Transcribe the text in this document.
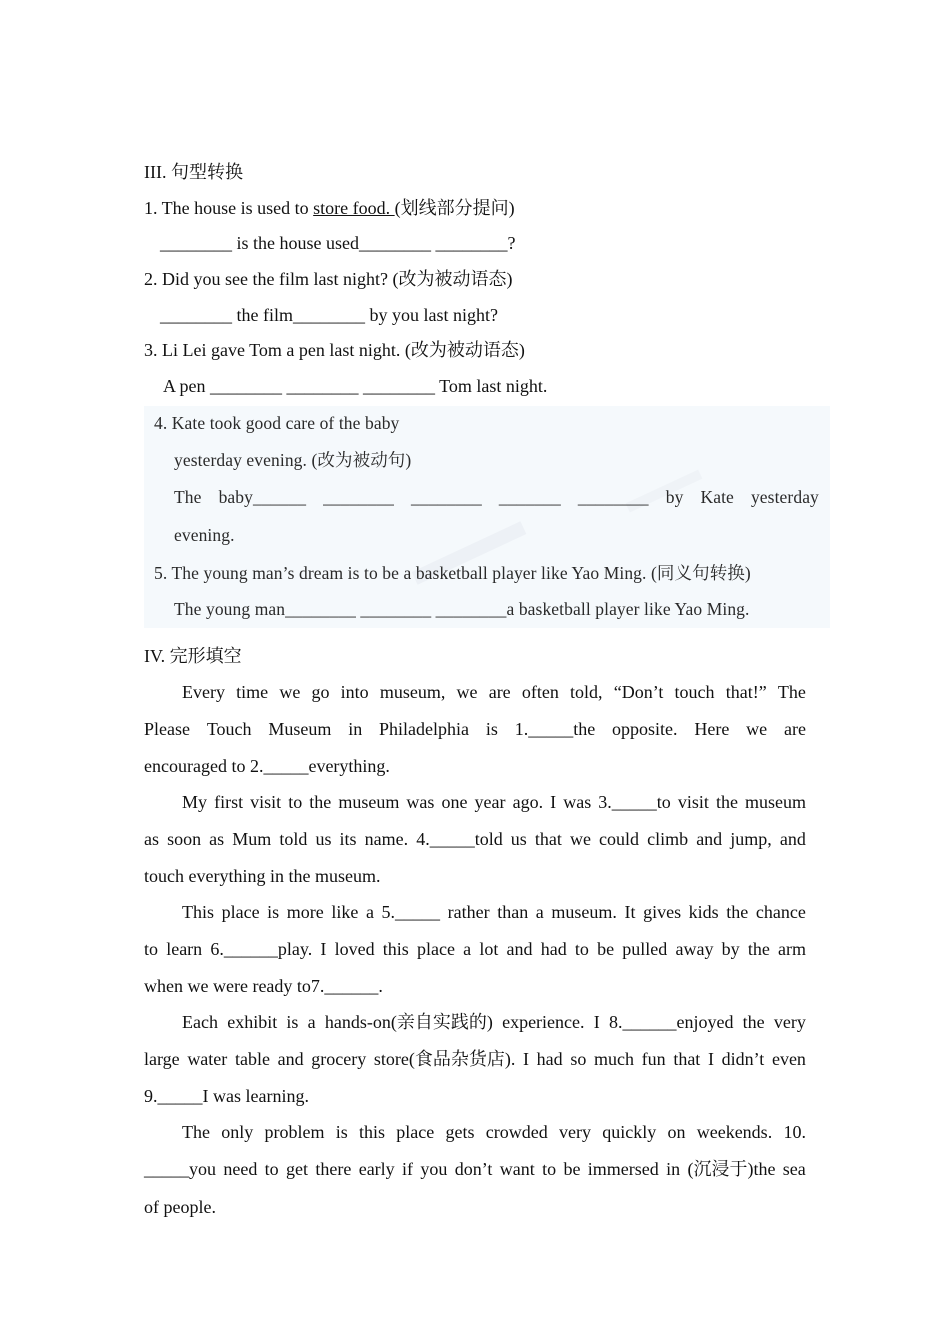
III. 句型转换
1. The house is used to store food. (划线部分提问)
________ is the house used________ ________?
2. Did you see the film last night? (改为被动语态)
________ the film________ by you last night?
3. Li Lei gave Tom a pen last night. (改为被动语态)
A pen ________ ________ ________ Tom last night.
4. Kate took good care of the baby
yesterday evening. (改为被动句)
The baby______ ________ ________ _______ ________ by Kate yesterday
evening.
5. The young man’s dream is to be a basketball player like Yao Ming. (同义句转换)
The young man________ ________ ________a basketball player like Yao Ming.
IV. 完形填空
Every time we go into museum, we are often told, “Don’t touch that!” The
Please Touch Museum in Philadelphia is 1._____the opposite. Here we are
encouraged to 2._____everything.
My first visit to the museum was one year ago. I was 3._____to visit the museum
as soon as Mum told us its name. 4._____told us that we could climb and jump, and
touch everything in the museum.
This place is more like a 5._____ rather than a museum. It gives kids the chance
to learn 6.______play. I loved this place a lot and had to be pulled away by the arm
when we were ready to7.______.
Each exhibit is a hands-on(亲自实践的) experience. I 8.______enjoyed the very
large water table and grocery store(食品杂货店). I had so much fun that I didn’t even
9._____I was learning.
The only problem is this place gets crowded very quickly on weekends. 10.
_____you need to get there early if you don’t want to be immersed in (沉浸于)the sea
of people.
